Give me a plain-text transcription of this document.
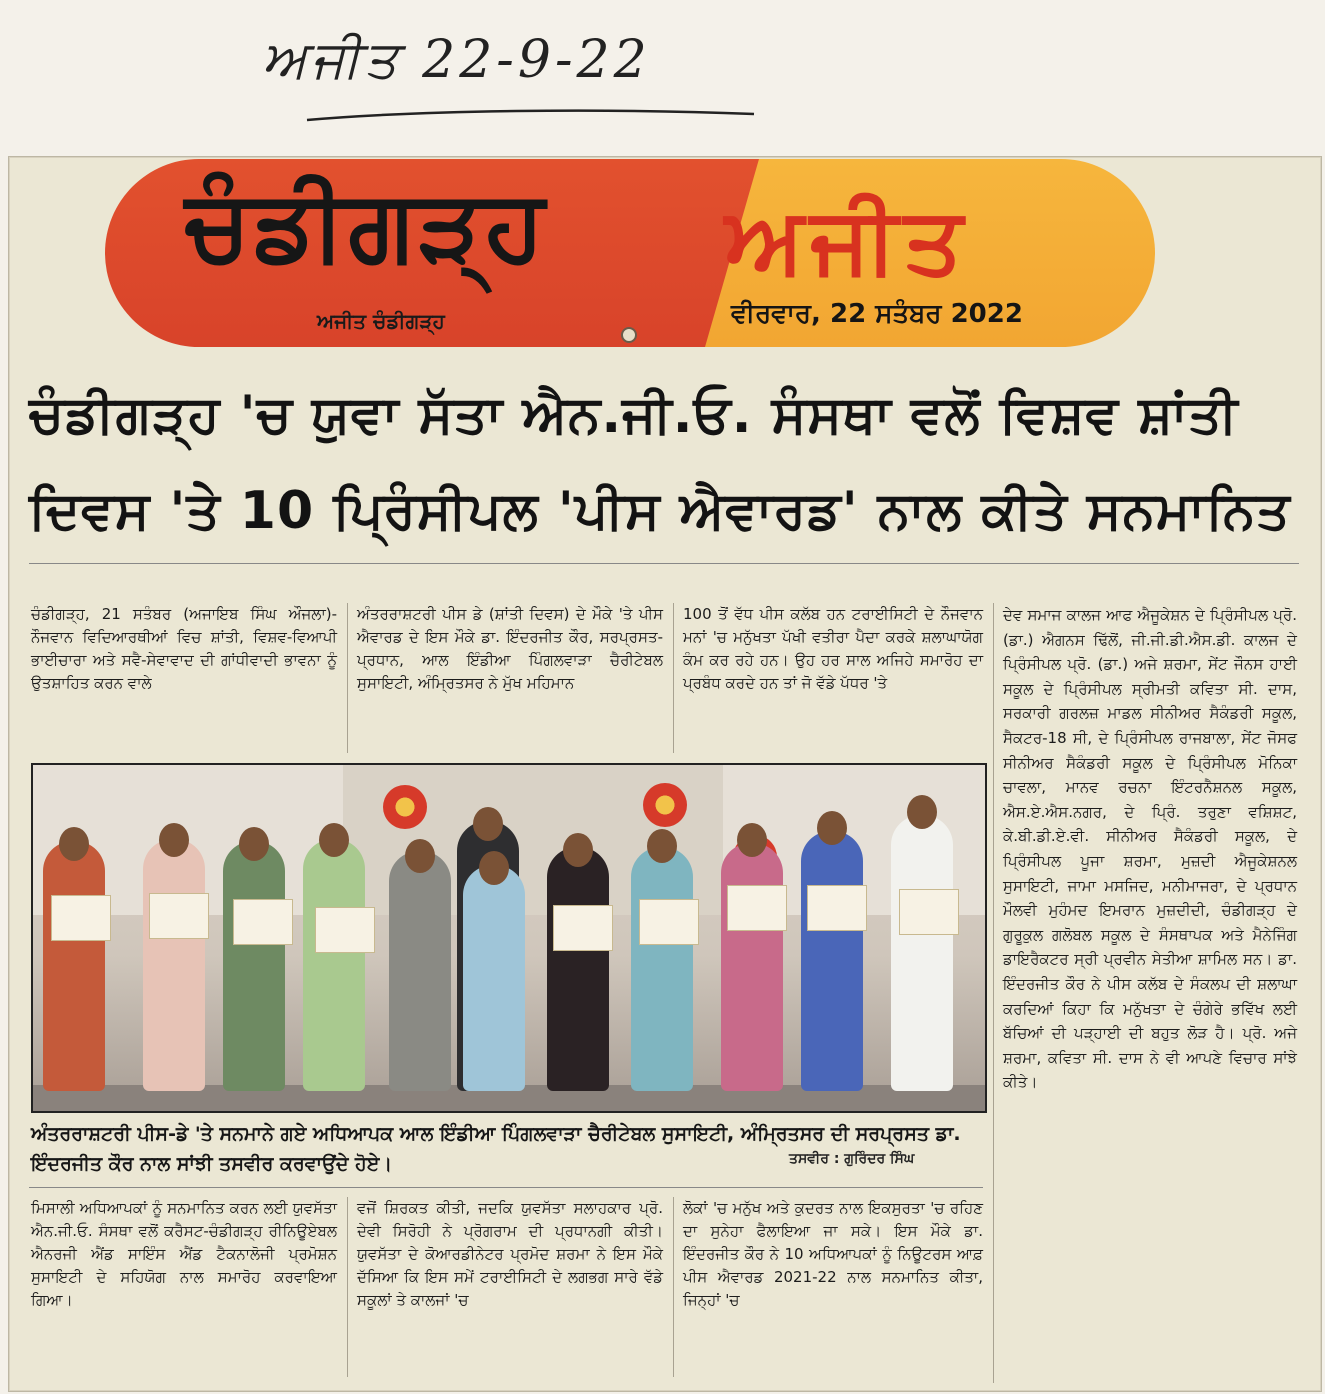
ਅਜੀਤ 22-9-22
ਚੰਡੀਗੜ੍ਹ
ਅਜੀਤ ਚੰਡੀਗੜ੍ਹ
ਅਜੀਤ
ਵੀਰਵਾਰ, 22 ਸਤੰਬਰ 2022
ਚੰਡੀਗੜ੍ਹ 'ਚ ਯੁਵਾ ਸੱਤਾ ਐਨ.ਜੀ.ਓ. ਸੰਸਥਾ ਵਲੋਂ ਵਿਸ਼ਵ ਸ਼ਾਂਤੀ
ਦਿਵਸ 'ਤੇ 10 ਪ੍ਰਿੰਸੀਪਲ 'ਪੀਸ ਐਵਾਰਡ' ਨਾਲ ਕੀਤੇ ਸਨਮਾਨਿਤ
ਚੰਡੀਗੜ੍ਹ, 21 ਸਤੰਬਰ (ਅਜਾਇਬ ਸਿੰਘ ਔਜਲਾ)-ਨੌਜਵਾਨ ਵਿਦਿਆਰਥੀਆਂ ਵਿਚ ਸ਼ਾਂਤੀ, ਵਿਸ਼ਵ-ਵਿਆਪੀ ਭਾਈਚਾਰਾ ਅਤੇ ਸਵੈ-ਸੇਵਾਵਾਦ ਦੀ ਗਾਂਧੀਵਾਦੀ ਭਾਵਨਾ ਨੂੰ ਉਤਸ਼ਾਹਿਤ ਕਰਨ ਵਾਲੇ
ਅੰਤਰਰਾਸ਼ਟਰੀ ਪੀਸ ਡੇ (ਸ਼ਾਂਤੀ ਦਿਵਸ) ਦੇ ਮੌਕੇ 'ਤੇ ਪੀਸ ਐਵਾਰਡ ਦੇ ਇਸ ਮੌਕੇ ਡਾ. ਇੰਦਰਜੀਤ ਕੌਰ, ਸਰਪ੍ਰਸਤ-ਪ੍ਰਧਾਨ, ਆਲ ਇੰਡੀਆ ਪਿੰਗਲਵਾੜਾ ਚੈਰੀਟੇਬਲ ਸੁਸਾਇਟੀ, ਅੰਮ੍ਰਿਤਸਰ ਨੇ ਮੁੱਖ ਮਹਿਮਾਨ
100 ਤੋਂ ਵੱਧ ਪੀਸ ਕਲੱਬ ਹਨ ਟਰਾਈਸਿਟੀ ਦੇ ਨੌਜਵਾਨ ਮਨਾਂ 'ਚ ਮਨੁੱਖਤਾ ਪੱਖੀ ਵਤੀਰਾ ਪੈਦਾ ਕਰਕੇ ਸ਼ਲਾਘਾਯੋਗ ਕੰਮ ਕਰ ਰਹੇ ਹਨ। ਉਹ ਹਰ ਸਾਲ ਅਜਿਹੇ ਸਮਾਰੋਹ ਦਾ ਪ੍ਰਬੰਧ ਕਰਦੇ ਹਨ ਤਾਂ ਜੋ ਵੱਡੇ ਪੱਧਰ 'ਤੇ
ਦੇਵ ਸਮਾਜ ਕਾਲਜ ਆਫ ਐਜੂਕੇਸ਼ਨ ਦੇ ਪ੍ਰਿੰਸੀਪਲ ਪ੍ਰੋ. (ਡਾ.) ਐਗਨਸ ਢਿੱਲੋਂ, ਜੀ.ਜੀ.ਡੀ.ਐਸ.ਡੀ. ਕਾਲਜ ਦੇ ਪ੍ਰਿੰਸੀਪਲ ਪ੍ਰੋ. (ਡਾ.) ਅਜੇ ਸ਼ਰਮਾ, ਸੇਂਟ ਜੌਨਸ ਹਾਈ ਸਕੂਲ ਦੇ ਪ੍ਰਿੰਸੀਪਲ ਸ੍ਰੀਮਤੀ ਕਵਿਤਾ ਸੀ. ਦਾਸ, ਸਰਕਾਰੀ ਗਰਲਜ਼ ਮਾਡਲ ਸੀਨੀਅਰ ਸੈਕੰਡਰੀ ਸਕੂਲ, ਸੈਕਟਰ-18 ਸੀ, ਦੇ ਪ੍ਰਿੰਸੀਪਲ ਰਾਜਬਾਲਾ, ਸੇਂਟ ਜੋਸਫ ਸੀਨੀਅਰ ਸੈਕੰਡਰੀ ਸਕੂਲ ਦੇ ਪ੍ਰਿੰਸੀਪਲ ਮੋਨਿਕਾ ਚਾਵਲਾ, ਮਾਨਵ ਰਚਨਾ ਇੰਟਰਨੈਸ਼ਨਲ ਸਕੂਲ, ਐਸ.ਏ.ਐਸ.ਨਗਰ, ਦੇ ਪ੍ਰਿੰ. ਤਰੁਣਾ ਵਸ਼ਿਸ਼ਟ, ਕੇ.ਬੀ.ਡੀ.ਏ.ਵੀ. ਸੀਨੀਅਰ ਸੈਕੰਡਰੀ ਸਕੂਲ, ਦੇ ਪ੍ਰਿੰਸੀਪਲ ਪੂਜਾ ਸ਼ਰਮਾ, ਮੁਜ਼ਦੀ ਐਜੂਕੇਸ਼ਨਲ ਸੁਸਾਇਟੀ, ਜਾਮਾ ਮਸਜਿਦ, ਮਨੀਮਾਜਰਾ, ਦੇ ਪ੍ਰਧਾਨ ਮੌਲਵੀ ਮੁਹੰਮਦ ਇਮਰਾਨ ਮੁਜ਼ਦੀਦੀ, ਚੰਡੀਗੜ੍ਹ ਦੇ ਗੁਰੂਕੁਲ ਗਲੋਬਲ ਸਕੂਲ ਦੇ ਸੰਸਥਾਪਕ ਅਤੇ ਮੈਨੇਜਿੰਗ ਡਾਇਰੈਕਟਰ ਸ੍ਰੀ ਪ੍ਰਵੀਨ ਸੇਤੀਆ ਸ਼ਾਮਿਲ ਸਨ। ਡਾ. ਇੰਦਰਜੀਤ ਕੌਰ ਨੇ ਪੀਸ ਕਲੱਬ ਦੇ ਸੰਕਲਪ ਦੀ ਸ਼ਲਾਘਾ ਕਰਦਿਆਂ ਕਿਹਾ ਕਿ ਮਨੁੱਖਤਾ ਦੇ ਚੰਗੇਰੇ ਭਵਿੱਖ ਲਈ ਬੱਚਿਆਂ ਦੀ ਪੜ੍ਹਾਈ ਦੀ ਬਹੁਤ ਲੋੜ ਹੈ। ਪ੍ਰੋ. ਅਜੇ ਸ਼ਰਮਾ, ਕਵਿਤਾ ਸੀ. ਦਾਸ ਨੇ ਵੀ ਆਪਣੇ ਵਿਚਾਰ ਸਾਂਝੇ ਕੀਤੇ।
ਅੰਤਰਰਾਸ਼ਟਰੀ ਪੀਸ-ਡੇ 'ਤੇ ਸਨਮਾਨੇ ਗਏ ਅਧਿਆਪਕ ਆਲ ਇੰਡੀਆ ਪਿੰਗਲਵਾੜਾ ਚੈਰੀਟੇਬਲ ਸੁਸਾਇਟੀ, ਅੰਮ੍ਰਿਤਸਰ ਦੀ ਸਰਪ੍ਰਸਤ ਡਾ. ਇੰਦਰਜੀਤ ਕੌਰ ਨਾਲ ਸਾਂਝੀ ਤਸਵੀਰ ਕਰਵਾਉਂਦੇ ਹੋਏ।	ਤਸਵੀਰ : ਗੁਰਿੰਦਰ ਸਿੰਘ
ਮਿਸਾਲੀ ਅਧਿਆਪਕਾਂ ਨੂੰ ਸਨਮਾਨਿਤ ਕਰਨ ਲਈ ਯੁਵਸੱਤਾ ਐਨ.ਜੀ.ਓ. ਸੰਸਥਾ ਵਲੋਂ ਕਰੈਸਟ-ਚੰਡੀਗੜ੍ਹ ਰੀਨਿਊਏਬਲ ਐਨਰਜੀ ਐਂਡ ਸਾਇੰਸ ਐਂਡ ਟੈਕਨਾਲੋਜੀ ਪ੍ਰਮੋਸ਼ਨ ਸੁਸਾਇਟੀ ਦੇ ਸਹਿਯੋਗ ਨਾਲ ਸਮਾਰੋਹ ਕਰਵਾਇਆ ਗਿਆ।
ਵਜੋਂ ਸ਼ਿਰਕਤ ਕੀਤੀ, ਜਦਕਿ ਯੁਵਸੱਤਾ ਸਲਾਹਕਾਰ ਪ੍ਰੋ. ਦੇਵੀ ਸਿਰੋਹੀ ਨੇ ਪ੍ਰੋਗਰਾਮ ਦੀ ਪ੍ਰਧਾਨਗੀ ਕੀਤੀ। ਯੁਵਸੱਤਾ ਦੇ ਕੋਆਰਡੀਨੇਟਰ ਪ੍ਰਮੋਦ ਸ਼ਰਮਾ ਨੇ ਇਸ ਮੌਕੇ ਦੱਸਿਆ ਕਿ ਇਸ ਸਮੇਂ ਟਰਾਈਸਿਟੀ ਦੇ ਲਗਭਗ ਸਾਰੇ ਵੱਡੇ ਸਕੂਲਾਂ ਤੇ ਕਾਲਜਾਂ 'ਚ
ਲੋਕਾਂ 'ਚ ਮਨੁੱਖ ਅਤੇ ਕੁਦਰਤ ਨਾਲ ਇਕਸੁਰਤਾ 'ਚ ਰਹਿਣ ਦਾ ਸੁਨੇਹਾ ਫੈਲਾਇਆ ਜਾ ਸਕੇ। ਇਸ ਮੌਕੇ ਡਾ. ਇੰਦਰਜੀਤ ਕੌਰ ਨੇ 10 ਅਧਿਆਪਕਾਂ ਨੂੰ ਨਿਊਟਰਸ ਆਫ਼ ਪੀਸ ਐਵਾਰਡ 2021-22 ਨਾਲ ਸਨਮਾਨਿਤ ਕੀਤਾ, ਜਿਨ੍ਹਾਂ 'ਚ
